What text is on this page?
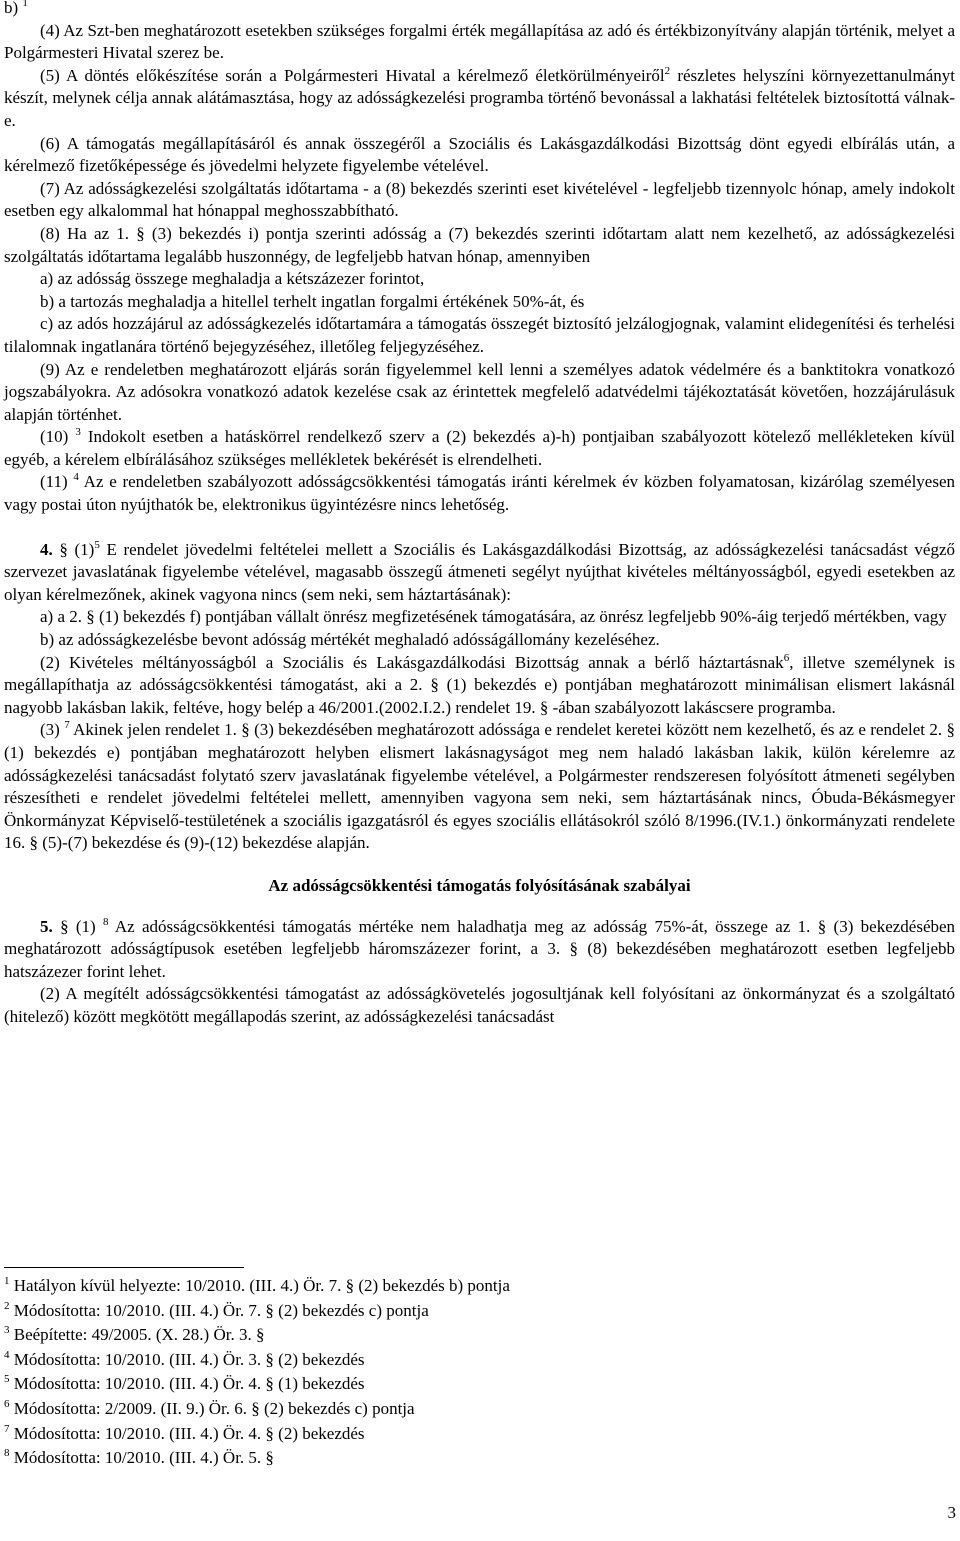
b) $^1$

(4) Az Szt-ben meghatározott esetekben szükséges forgalmi érték megállapítása az adó és értékbizonyítvány alapján történik, melyet a Polgármesteri Hivatal szerez be.

(5) A döntés előkészítése során a Polgármesteri Hivatal a kérelmező életkörülményeiről$^2$ részletes helyszíni környezettanulmányt készít, melynek célja annak alátámasztása, hogy az adósságkezelési programba történő bevonással a lakhatási feltételek biztosítottá válnak-e.

(6) A támogatás megállapításáról és annak összegéről a Szociális és Lakásgazdálkodási Bizottság dönt egyedi elbírálás után, a kérelmező fizetőképessége és jövedelmi helyzete figyelembe vételével.

(7) Az adósságkezelési szolgáltatás időtartama - a (8) bekezdés szerinti eset kivételével - legfeljebb tizennyolc hónap, amely indokolt esetben egy alkalommal hat hónappal meghosszabbítható.

(8) Ha az 1. § (3) bekezdés i) pontja szerinti adósság a (7) bekezdés szerinti időtartam alatt nem kezelhető, az adósságkezelési szolgáltatás időtartama legalább huszonnégy, de legfeljebb hatvan hónap, amennyiben

a) az adósság összege meghaladja a kétszázezer forintot,

b) a tartozás meghaladja a hitellel terhelt ingatlan forgalmi értékének 50%-át, és

c) az adós hozzájárul az adósságkezelés időtartamára a támogatás összegét biztosító jelzálogjognak, valamint elidegenítési és terhelési tilalomnak ingatlanára történő bejegyzéséhez, illetőleg feljegyzéséhez.

(9) Az e rendeletben meghatározott eljárás során figyelemmel kell lenni a személyes adatok védelmére és a banktitokra vonatkozó jogszabályokra. Az adósokra vonatkozó adatok kezelése csak az érintettek megfelelő adatvédelmi tájékoztatását követően, hozzájárulásuk alapján történhet.

(10) $^3$ Indokolt esetben a hatáskörrel rendelkező szerv a (2) bekezdés a)-h) pontjaiban szabályozott kötelező mellékleteken kívül egyéb, a kérelem elbírálásához szükséges mellékletek bekérését is elrendelheti.

(11) $^4$ Az e rendeletben szabályozott adósságcsökkentési támogatás iránti kérelmek év közben folyamatosan, kizárólag személyesen vagy postai úton nyújthatók be, elektronikus ügyintézésre nincs lehetőség.

4. § $(1)^5$ E rendelet jövedelmi feltételei mellett a Szociális és Lakásgazdálkodási Bizottság, az adósságkezelési tanácsadást végző szervezet javaslatának figyelembe vételével, magasabb összegű átmeneti segélyt nyújthat kivételes méltányosságból, egyedi esetekben az olyan kérelmezőnek, akinek vagyona nincs (sem neki, sem háztartásának):

a) a 2. § (1) bekezdés f) pontjában vállalt önrész megfizetésének támogatására, az önrész legfeljebb 90%-áig terjedő mértékben, vagy

b) az adósságkezelésbe bevont adósság mértékét meghaladó adósságállomány kezeléséhez.

(2) Kivételes méltányosságból a Szociális és Lakásgazdálkodási Bizottság annak a bérlő háztartásnak$^6$, illetve személynek is megállapíthatja az adósságcsökkentési támogatást, aki a 2. § (1) bekezdés e) pontjában meghatározott minimálisan elismert lakásnál nagyobb lakásban lakik, feltéve, hogy belép a 46/2001.(2002.I.2.) rendelet 19. § -ában szabályozott lakáscsere programba.

(3) $^7$ Akinek jelen rendelet 1. § (3) bekezdésében meghatározott adóssága e rendelet keretei között nem kezelhető, és az e rendelet 2. § (1) bekezdés e) pontjában meghatározott helyben elismert lakásnagyságot meg nem haladó lakásban lakik, külön kérelemre az adósságkezelési tanácsadást folytató szerv javaslatának figyelembe vételével, a Polgármester rendszeresen folyósított átmeneti segélyben részesítheti e rendelet jövedelmi feltételei mellett, amennyiben vagyona sem neki, sem háztartásának nincs, Óbuda-Békásmegyer Önkormányzat Képviselő-testületének a szociális igazgatásról és egyes szociális ellátásokról szóló 8/1996.(IV.1.) önkormányzati rendelete 16. § (5)-(7) bekezdése és (9)-(12) bekezdése alapján.

Az adósságcsökkentési támogatás folyósításának szabályai

5. § (1) $^8$ Az adósságcsökkentési támogatás mértéke nem haladhatja meg az adósság 75%-át, összege az 1. § (3) bekezdésében meghatározott adósságtípusok esetében legfeljebb háromszázezer forint, a 3. § (8) bekezdésében meghatározott esetben legfeljebb hatszázezer forint lehet.

(2) A megítélt adósságcsökkentési támogatást az adósságkövetelés jogosultjának kell folyósítani az önkormányzat és a szolgáltató (hitelező) között megkötött megállapodás szerint, az adósságkezelési tanácsadást

$^1$ Hatályon kívül helyezte: 10/2010. (III. 4.) Ör. 7. § (2) bekezdés b) pontja

$^2$ Módosította: 10/2010. (III. 4.) Ör. 7. § (2) bekezdés c) pontja

$^3$ Beépítette: 49/2005. (X. 28.) Ör. 3. §

$^4$ Módosította: 10/2010. (III. 4.) Ör. 3. § (2) bekezdés

$^5$ Módosította: 10/2010. (III. 4.) Ör. 4. § (1) bekezdés

$^6$ Módosította: 2/2009. (II. 9.) Ör. 6. § (2) bekezdés c) pontja

$^7$ Módosította: 10/2010. (III. 4.) Ör. 4. § (2) bekezdés

$^8$ Módosította: 10/2010. (III. 4.) Ör. 5. §

3
